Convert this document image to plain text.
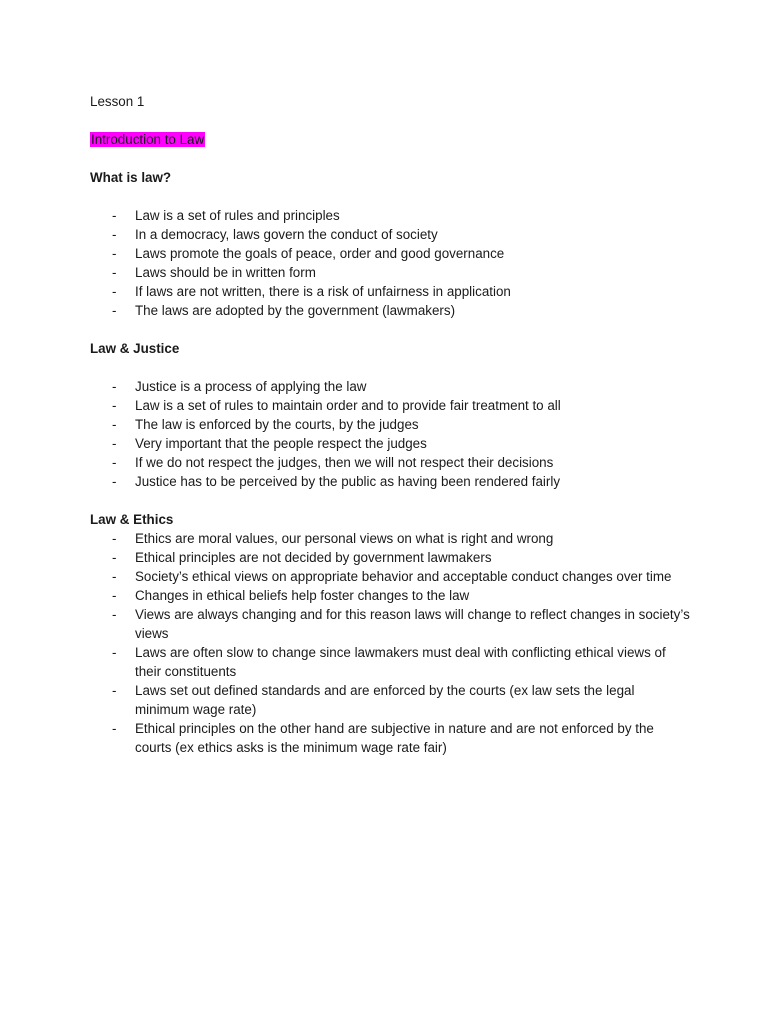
Lesson 1

Introduction to Law

What is law?

- Law is a set of rules and principles
- In a democracy, laws govern the conduct of society
- Laws promote the goals of peace, order and good governance
- Laws should be in written form
- If laws are not written, there is a risk of unfairness in application
- The laws are adopted by the government (lawmakers)

Law & Justice

- Justice is a process of applying the law
- Law is a set of rules to maintain order and to provide fair treatment to all
- The law is enforced by the courts, by the judges
- Very important that the people respect the judges
- If we do not respect the judges, then we will not respect their decisions
- Justice has to be perceived by the public as having been rendered fairly

Law & Ethics

- Ethics are moral values, our personal views on what is right and wrong
- Ethical principles are not decided by government lawmakers
- Society’s ethical views on appropriate behavior and acceptable conduct changes over time
- Changes in ethical beliefs help foster changes to the law
- Views are always changing and for this reason laws will change to reflect changes in society’s views
- Laws are often slow to change since lawmakers must deal with conflicting ethical views of their constituents
- Laws set out defined standards and are enforced by the courts (ex law sets the legal minimum wage rate)
- Ethical principles on the other hand are subjective in nature and are not enforced by the courts (ex ethics asks is the minimum wage rate fair)
